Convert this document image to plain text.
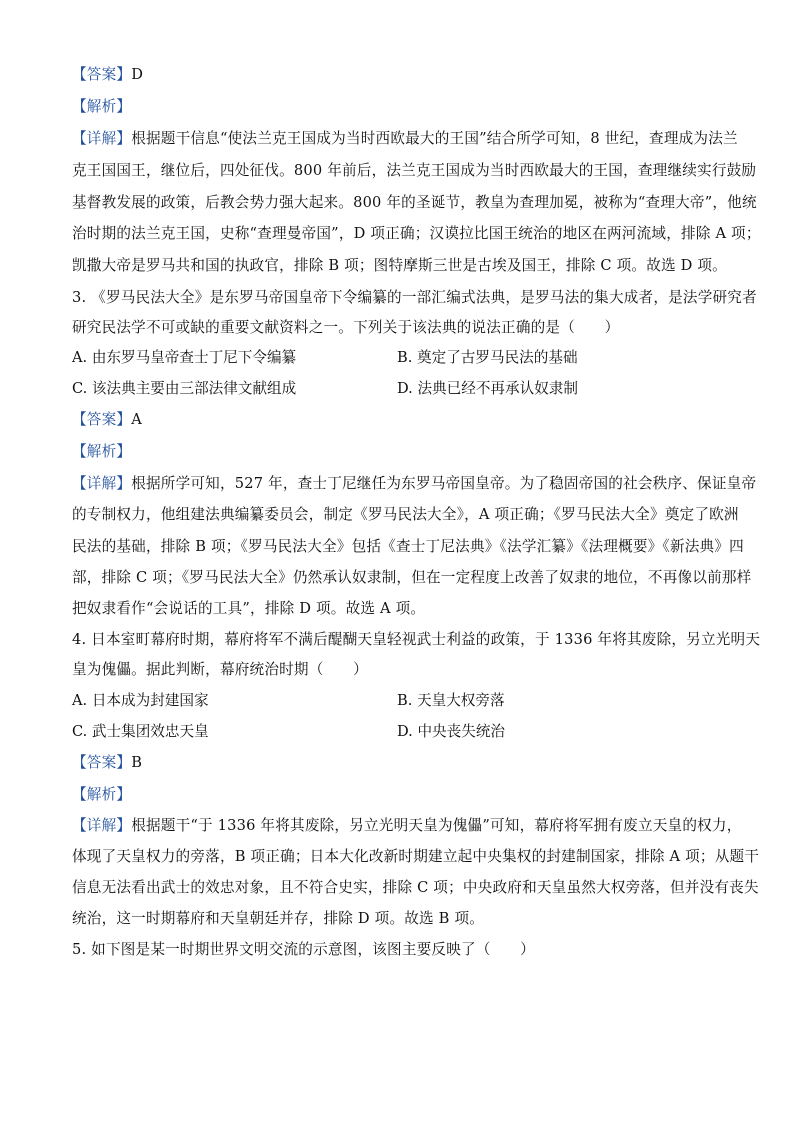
【答案】D
【解析】
【详解】根据题干信息“使法兰克王国成为当时西欧最大的王国”结合所学可知，8 世纪，查理成为法兰
克王国国王，继位后，四处征伐。800 年前后，法兰克王国成为当时西欧最大的王国，查理继续实行鼓励
基督教发展的政策，后教会势力强大起来。800 年的圣诞节，教皇为查理加冕，被称为“查理大帝”，他统
治时期的法兰克王国，史称“查理曼帝国”，D 项正确；汉谟拉比国王统治的地区在两河流域，排除 A 项；
凯撒大帝是罗马共和国的执政官，排除 B 项；图特摩斯三世是古埃及国王，排除 C 项。故选 D 项。
3. 《罗马民法大全》是东罗马帝国皇帝下令编纂的一部汇编式法典，是罗马法的集大成者，是法学研究者
研究民法学不可或缺的重要文献资料之一。下列关于该法典的说法正确的是（　　）
A. 由东罗马皇帝查士丁尼下令编纂	B. 奠定了古罗马民法的基础
C. 该法典主要由三部法律文献组成	D. 法典已经不再承认奴隶制
【答案】A
【解析】
【详解】根据所学可知，527 年，查士丁尼继任为东罗马帝国皇帝。为了稳固帝国的社会秩序、保证皇帝
的专制权力，他组建法典编纂委员会，制定《罗马民法大全》，A 项正确；《罗马民法大全》奠定了欧洲
民法的基础，排除 B 项；《罗马民法大全》包括《查士丁尼法典》《法学汇纂》《法理概要》《新法典》四
部，排除 C 项；《罗马民法大全》仍然承认奴隶制，但在一定程度上改善了奴隶的地位，不再像以前那样
把奴隶看作“会说话的工具”，排除 D 项。故选 A 项。
4. 日本室町幕府时期，幕府将军不满后醍醐天皇轻视武士利益的政策，于 1336 年将其废除，另立光明天
皇为傀儡。据此判断，幕府统治时期（　　）
A. 日本成为封建国家	B. 天皇大权旁落
C. 武士集团效忠天皇	D. 中央丧失统治
【答案】B
【解析】
【详解】根据题干“于 1336 年将其废除，另立光明天皇为傀儡”可知，幕府将军拥有废立天皇的权力，
体现了天皇权力的旁落，B 项正确；日本大化改新时期建立起中央集权的封建制国家，排除 A 项；从题干
信息无法看出武士的效忠对象，且不符合史实，排除 C 项；中央政府和天皇虽然大权旁落，但并没有丧失
统治，这一时期幕府和天皇朝廷并存，排除 D 项。故选 B 项。
5. 如下图是某一时期世界文明交流的示意图，该图主要反映了（　　）
